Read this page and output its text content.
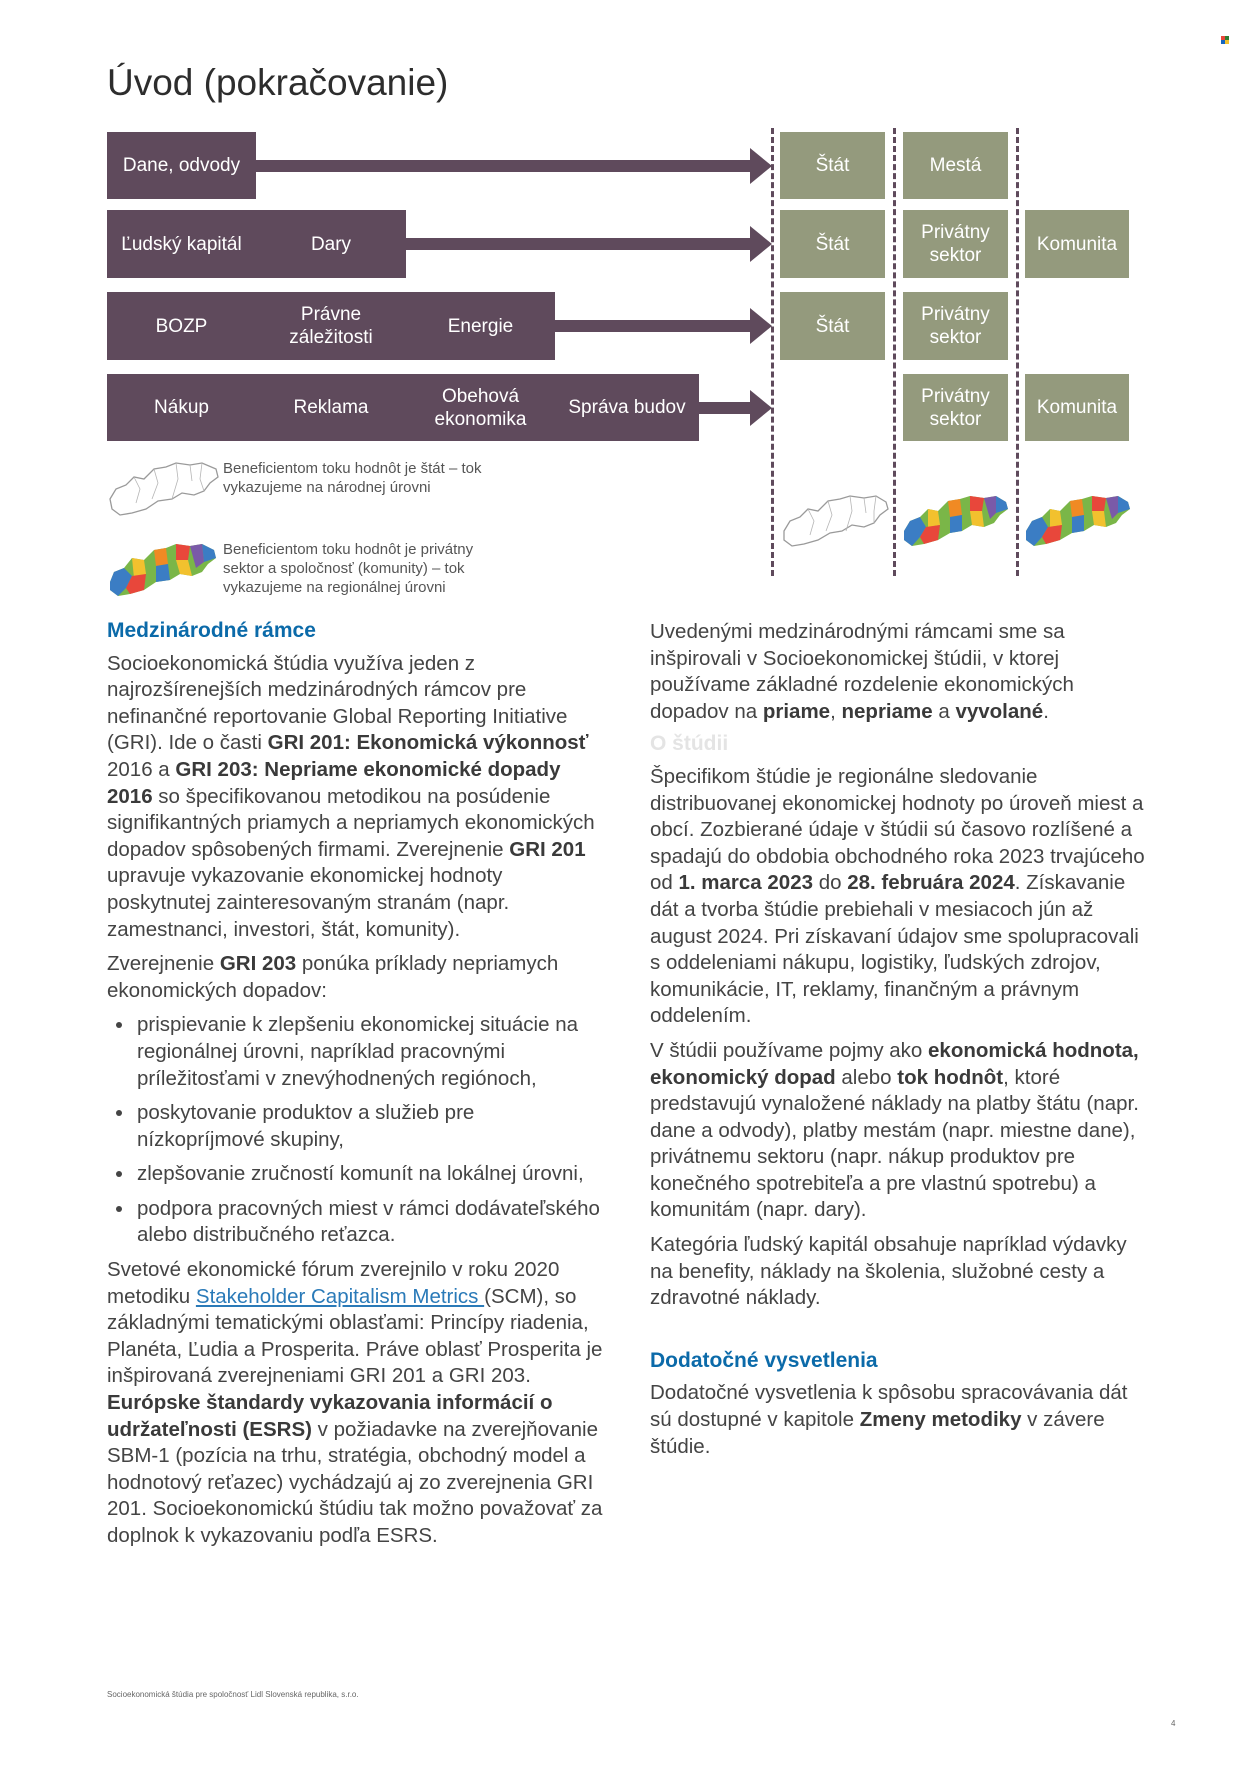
Úvod (pokračovanie)
Dane, odvody
Ľudský kapitál	Dary
BOZP
Právne záležitosti
Energie
Nákup	Reklama
Obehová ekonomika
Správa budov
Štát	Mestá
Štát
Privátny sektor
Komunita
Štát
Privátny sektor
Privátny sektor
Komunita
Beneficientom toku hodnôt je štát – tok vykazujeme na národnej úrovni
Beneficientom toku hodnôt je privátny sektor a spoločnosť (komunity) – tok vykazujeme na regionálnej úrovni
Medzinárodné rámce

Socioekonomická štúdia využíva jeden z najrozšírenejších medzinárodných rámcov pre nefinančné reportovanie Global Reporting Initiative (GRI). Ide o časti GRI 201: Ekonomická výkonnosť 2016 a GRI 203: Nepriame ekonomické dopady 2016 so špecifikovanou metodikou na posúdenie signifikantných priamych a nepriamych ekonomických dopadov spôsobených firmami. Zverejnenie GRI 201 upravuje vykazovanie ekonomickej hodnoty poskytnutej zainteresovaným stranám (napr. zamestnanci, investori, štát, komunity).

Zverejnenie GRI 203 ponúka príklady nepriamych ekonomických dopadov:

• prispievanie k zlepšeniu ekonomickej situácie na regionálnej úrovni, napríklad pracovnými príležitosťami v znevýhodnených regiónoch,
• poskytovanie produktov a služieb pre nízkopríjmové skupiny,
• zlepšovanie zručností komunít na lokálnej úrovni,
• podpora pracovných miest v rámci dodávateľského alebo distribučného reťazca.

Svetové ekonomické fórum zverejnilo v roku 2020 metodiku Stakeholder Capitalism Metrics (SCM), so základnými tematickými oblasťami: Princípy riadenia, Planéta, Ľudia a Prosperita. Práve oblasť Prosperita je inšpirovaná zverejneniami GRI 201 a GRI 203. Európske štandardy vykazovania informácií o udržateľnosti (ESRS) v požiadavke na zverejňovanie SBM-1 (pozícia na trhu, stratégia, obchodný model a hodnotový reťazec) vychádzajú aj zo zverejnenia GRI 201. Socioekonomickú štúdiu tak možno považovať za doplnok k vykazovaniu podľa ESRS.

Uvedenými medzinárodnými rámcami sme sa inšpirovali v Socioekonomickej štúdii, v ktorej používame základné rozdelenie ekonomických dopadov na priame, nepriame a vyvolané.

O štúdii

Špecifikom štúdie je regionálne sledovanie distribuovanej ekonomickej hodnoty po úroveň miest a obcí. Zozbierané údaje v štúdii sú časovo rozlíšené a spadajú do obdobia obchodného roka 2023 trvajúceho od 1. marca 2023 do 28. februára 2024. Získavanie dát a tvorba štúdie prebiehali v mesiacoch jún až august 2024. Pri získavaní údajov sme spolupracovali s oddeleniami nákupu, logistiky, ľudských zdrojov, komunikácie, IT, reklamy, finančným a právnym oddelením.

V štúdii používame pojmy ako ekonomická hodnota, ekonomický dopad alebo tok hodnôt, ktoré predstavujú vynaložené náklady na platby štátu (napr. dane a odvody), platby mestám (napr. miestne dane), privátnemu sektoru (napr. nákup produktov pre konečného spotrebiteľa a pre vlastnú spotrebu) a komunitám (napr. dary).

Kategória ľudský kapitál obsahuje napríklad výdavky na benefity, náklady na školenia, služobné cesty a zdravotné náklady.

Dodatočné vysvetlenia

Dodatočné vysvetlenia k spôsobu spracovávania dát sú dostupné v kapitole Zmeny metodiky v závere štúdie.

Socioekonomická štúdia pre spoločnosť Lidl Slovenská republika, s.r.o.
4
